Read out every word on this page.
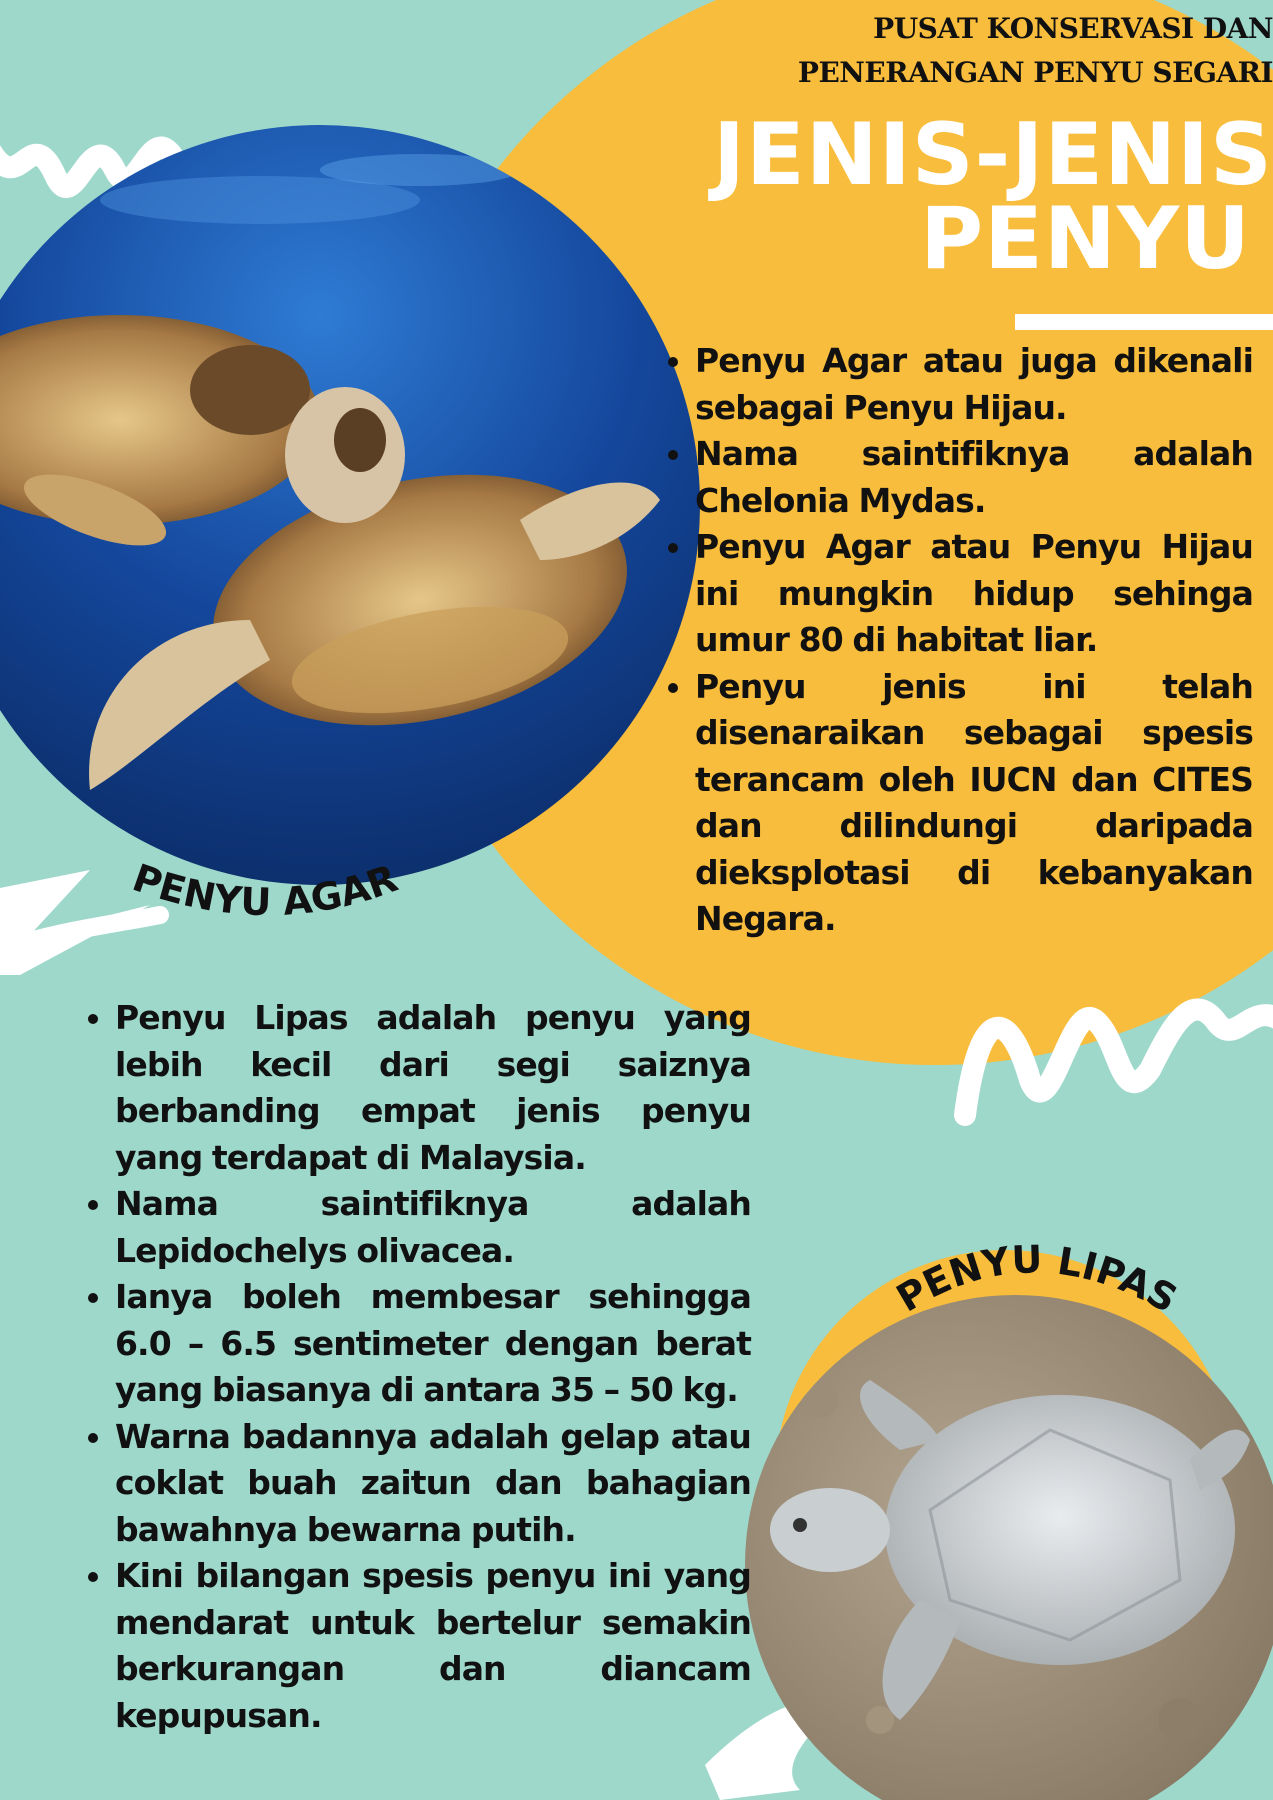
PENYU AGAR
PENYU LIPAS
PUSAT KONSERVASI DAN
PENERANGAN PENYU SEGARI
JENIS-JENIS
PENYU
• Penyu Agar atau juga dikenali sebagai Penyu Hijau.
• Nama saintifiknya adalah Chelonia Mydas.
• Penyu Agar atau Penyu Hijau ini mungkin hidup sehinga umur 80 di habitat liar.
• Penyu jenis ini telah disenaraikan sebagai spesis terancam oleh IUCN dan CITES dan dilindungi daripada dieksplotasi di kebanyakan Negara.
• Penyu Lipas adalah penyu yang lebih kecil dari segi saiznya berbanding empat jenis penyu yang terdapat di Malaysia.
• Nama saintifiknya adalah Lepidochelys olivacea.
• Ianya boleh membesar sehingga 6.0 – 6.5 sentimeter dengan berat yang biasanya di antara 35 – 50 kg.
• Warna badannya adalah gelap atau coklat buah zaitun dan bahagian bawahnya bewarna putih.
• Kini bilangan spesis penyu ini yang mendarat untuk bertelur semakin berkurangan dan diancam kepupusan.
